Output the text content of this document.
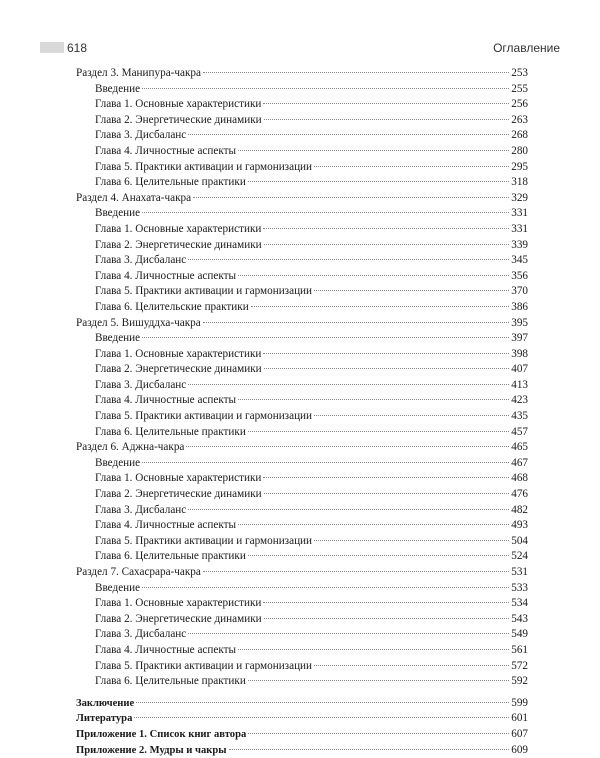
618	Оглавление
Раздел 3. Манипура-чакра	253
Введение	255
Глава 1. Основные характеристики	256
Глава 2. Энергетические динамики	263
Глава 3. Дисбаланс	268
Глава 4. Личностные аспекты	280
Глава 5. Практики активации и гармонизации	295
Глава 6. Целительные практики	318
Раздел 4. Анахата-чакра	329
Введение	331
Глава 1. Основные характеристики	331
Глава 2. Энергетические динамики	339
Глава 3. Дисбаланс	345
Глава 4. Личностные аспекты	356
Глава 5. Практики активации и гармонизации	370
Глава 6. Целительские практики	386
Раздел 5. Вишуддха-чакра	395
Введение	397
Глава 1. Основные характеристики	398
Глава 2. Энергетические динамики	407
Глава 3. Дисбаланс	413
Глава 4. Личностные аспекты	423
Глава 5. Практики активации и гармонизации	435
Глава 6. Целительные практики	457
Раздел 6. Аджна-чакра	465
Введение	467
Глава 1. Основные характеристики	468
Глава 2. Энергетические динамики	476
Глава 3. Дисбаланс	482
Глава 4. Личностные аспекты	493
Глава 5. Практики активации и гармонизации	504
Глава 6. Целительные практики	524
Раздел 7. Сахасрара-чакра	531
Введение	533
Глава 1. Основные характеристики	534
Глава 2. Энергетические динамики	543
Глава 3. Дисбаланс	549
Глава 4. Личностные аспекты	561
Глава 5. Практики активации и гармонизации	572
Глава 6. Целительные практики	592
Заключение	599
Литература	601
Приложение 1. Список книг автора	607
Приложение 2. Мудры и чакры	609
